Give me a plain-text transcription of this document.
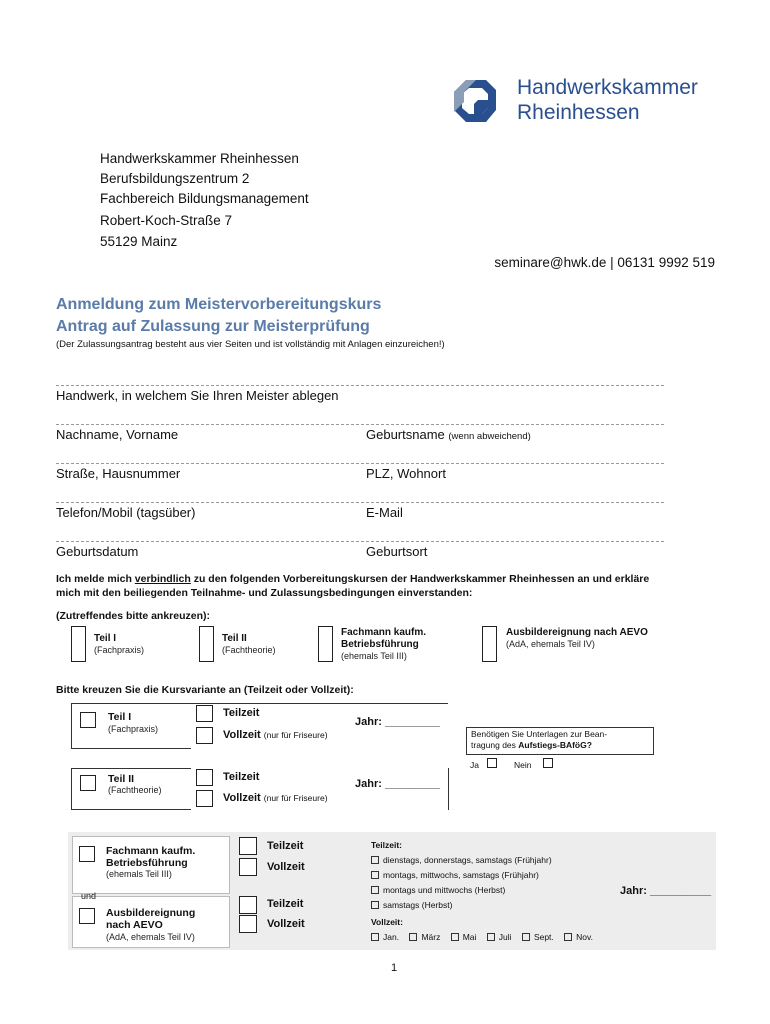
Handwerkskammer
Rheinhessen
Handwerkskammer Rheinhessen
Berufsbildungszentrum 2
Fachbereich Bildungsmanagement
Robert-Koch-Straße 7
55129 Mainz
seminare@hwk.de | 06131 9992 519
Anmeldung zum Meistervorbereitungskurs
Antrag auf Zulassung zur Meisterprüfung
(Der Zulassungsantrag besteht aus vier Seiten und ist vollständig mit Anlagen einzureichen!)
Handwerk, in welchem Sie Ihren Meister ablegen
Nachname, Vorname	Geburtsname (wenn abweichend)
Straße, Hausnummer	PLZ, Wohnort
Telefon/Mobil (tagsüber)	E-Mail
Geburtsdatum	Geburtsort
Ich melde mich verbindlich zu den folgenden Vorbereitungskursen der Handwerkskammer Rheinhessen an und erkläre
mich mit den beiliegenden Teilnahme- und Zulassungsbedingungen einverstanden:
(Zutreffendes bitte ankreuzen):
Teil I
(Fachpraxis)
Teil II
(Fachtheorie)
Fachmann kaufm.
Betriebsführung
(ehemals Teil III)
Ausbildereignung nach AEVO
(AdA, ehemals Teil IV)
Bitte kreuzen Sie die Kursvariante an (Teilzeit oder Vollzeit):
Teil I
(Fachpraxis)
Teilzeit
Vollzeit (nur für Friseure)
Jahr: _________
Benötigen Sie Unterlagen zur Bean-
tragung des Aufstiegs-BAföG?
Ja	Nein
Teil II
(Fachtheorie)
Teilzeit
Vollzeit (nur für Friseure)
Jahr: _________
Fachmann kaufm.
Betriebsführung
(ehemals Teil III)
und
Ausbildereignung
nach AEVO
(AdA, ehemals Teil IV)
Teilzeit
Vollzeit
Teilzeit
Vollzeit
Teilzeit:
dienstags, donnerstags, samstags (Frühjahr)
montags, mittwochs, samstags (Frühjahr)
montags und mittwochs (Herbst)
samstags (Herbst)
Jahr: __________
Vollzeit:
Jan.	März	Mai	Juli	Sept.	Nov.
1
